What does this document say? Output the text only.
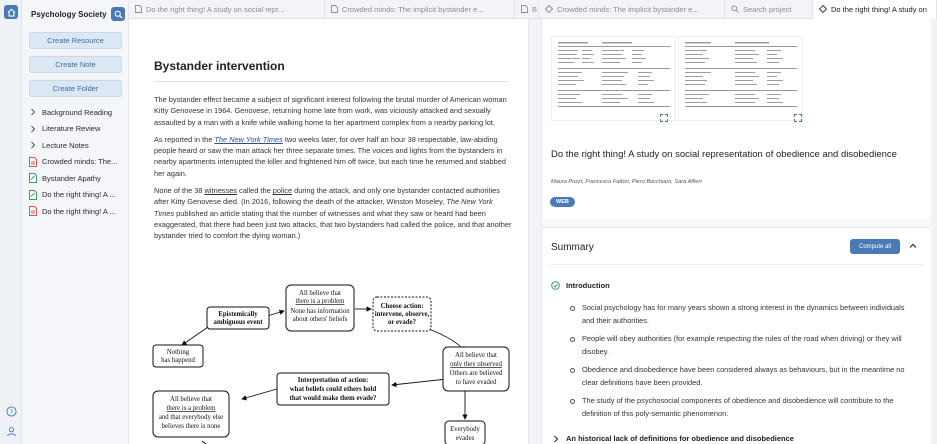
?
Psychology Society
Create Resource
Create Note
Create Folder
Background Reading
Literature Review
Lecture Notes
Crowded minds: The...
Bystander Apathy
Do the right thing! A ...
Do the right thing! A ...
Do the right thing! A study on social repr...	Crowded minds: The implicit bystander e...	B	Crowded minds: The implicit bystander e...	Search project	Do the right thing! A study on
Bystander intervention

The bystander effect became a subject of significant interest following the brutal murder of American woman Kitty Genovese in 1964. Genovese, returning home late from work, was viciously attacked and sexually assaulted by a man with a knife while walking home to her apartment complex from a nearby parking lot.

As reported in the The New York Times two weeks later, for over half an hour 38 respectable, law-abiding people heard or saw the man attack her three separate times. The voices and lights from the bystanders in nearby apartments interrupted the killer and frightened him off twice, but each time he returned and stabbed her again.

None of the 38 witnesses called the police during the attack, and only one bystander contacted authorities after Kitty Genovese died. (In 2016, following the death of the attacker, Winston Moseley, The New York Times published an article stating that the number of witnesses and what they saw or heard had been exaggerated, that there had been just two attacks, that two bystanders had called the police, and that another bystander tried to comfort the dying woman.)

All believe that
there is a problem
None has information
about others' beliefs
Epistemically
ambiguous event
Choose action:
intervene, observe,
or evade?
Nothing
has happend
All believe that
only they observed
Others are believed
to have evaded
Interpretation of action:
what beliefs could others hold
that would make them evade?
All believe that
there is a problem
and that everybody else
believes there is none	Everybody
evades
Do the right thing! A study on social representation of obedience and disobedience
Maura Pozzi, Francesco Fattori, Piero Bocchiaro, Sara Alfieri
WEB
Summary	Compute all
Introduction
Social psychology has for many years shown a strong interest in the dynamics between individuals and their authorities.
People will obey authorities (for example respecting the rules of the road when driving) or they will disobey.
Obedience and disobedience have been considered always as behaviours, but in the meantime no clear definitions have been provided.
The study of the psychosocial components of obedience and disobedience will contribute to the definition of this poly-semantic phenomenon.
An historical lack of definitions for obedience and disobedience
